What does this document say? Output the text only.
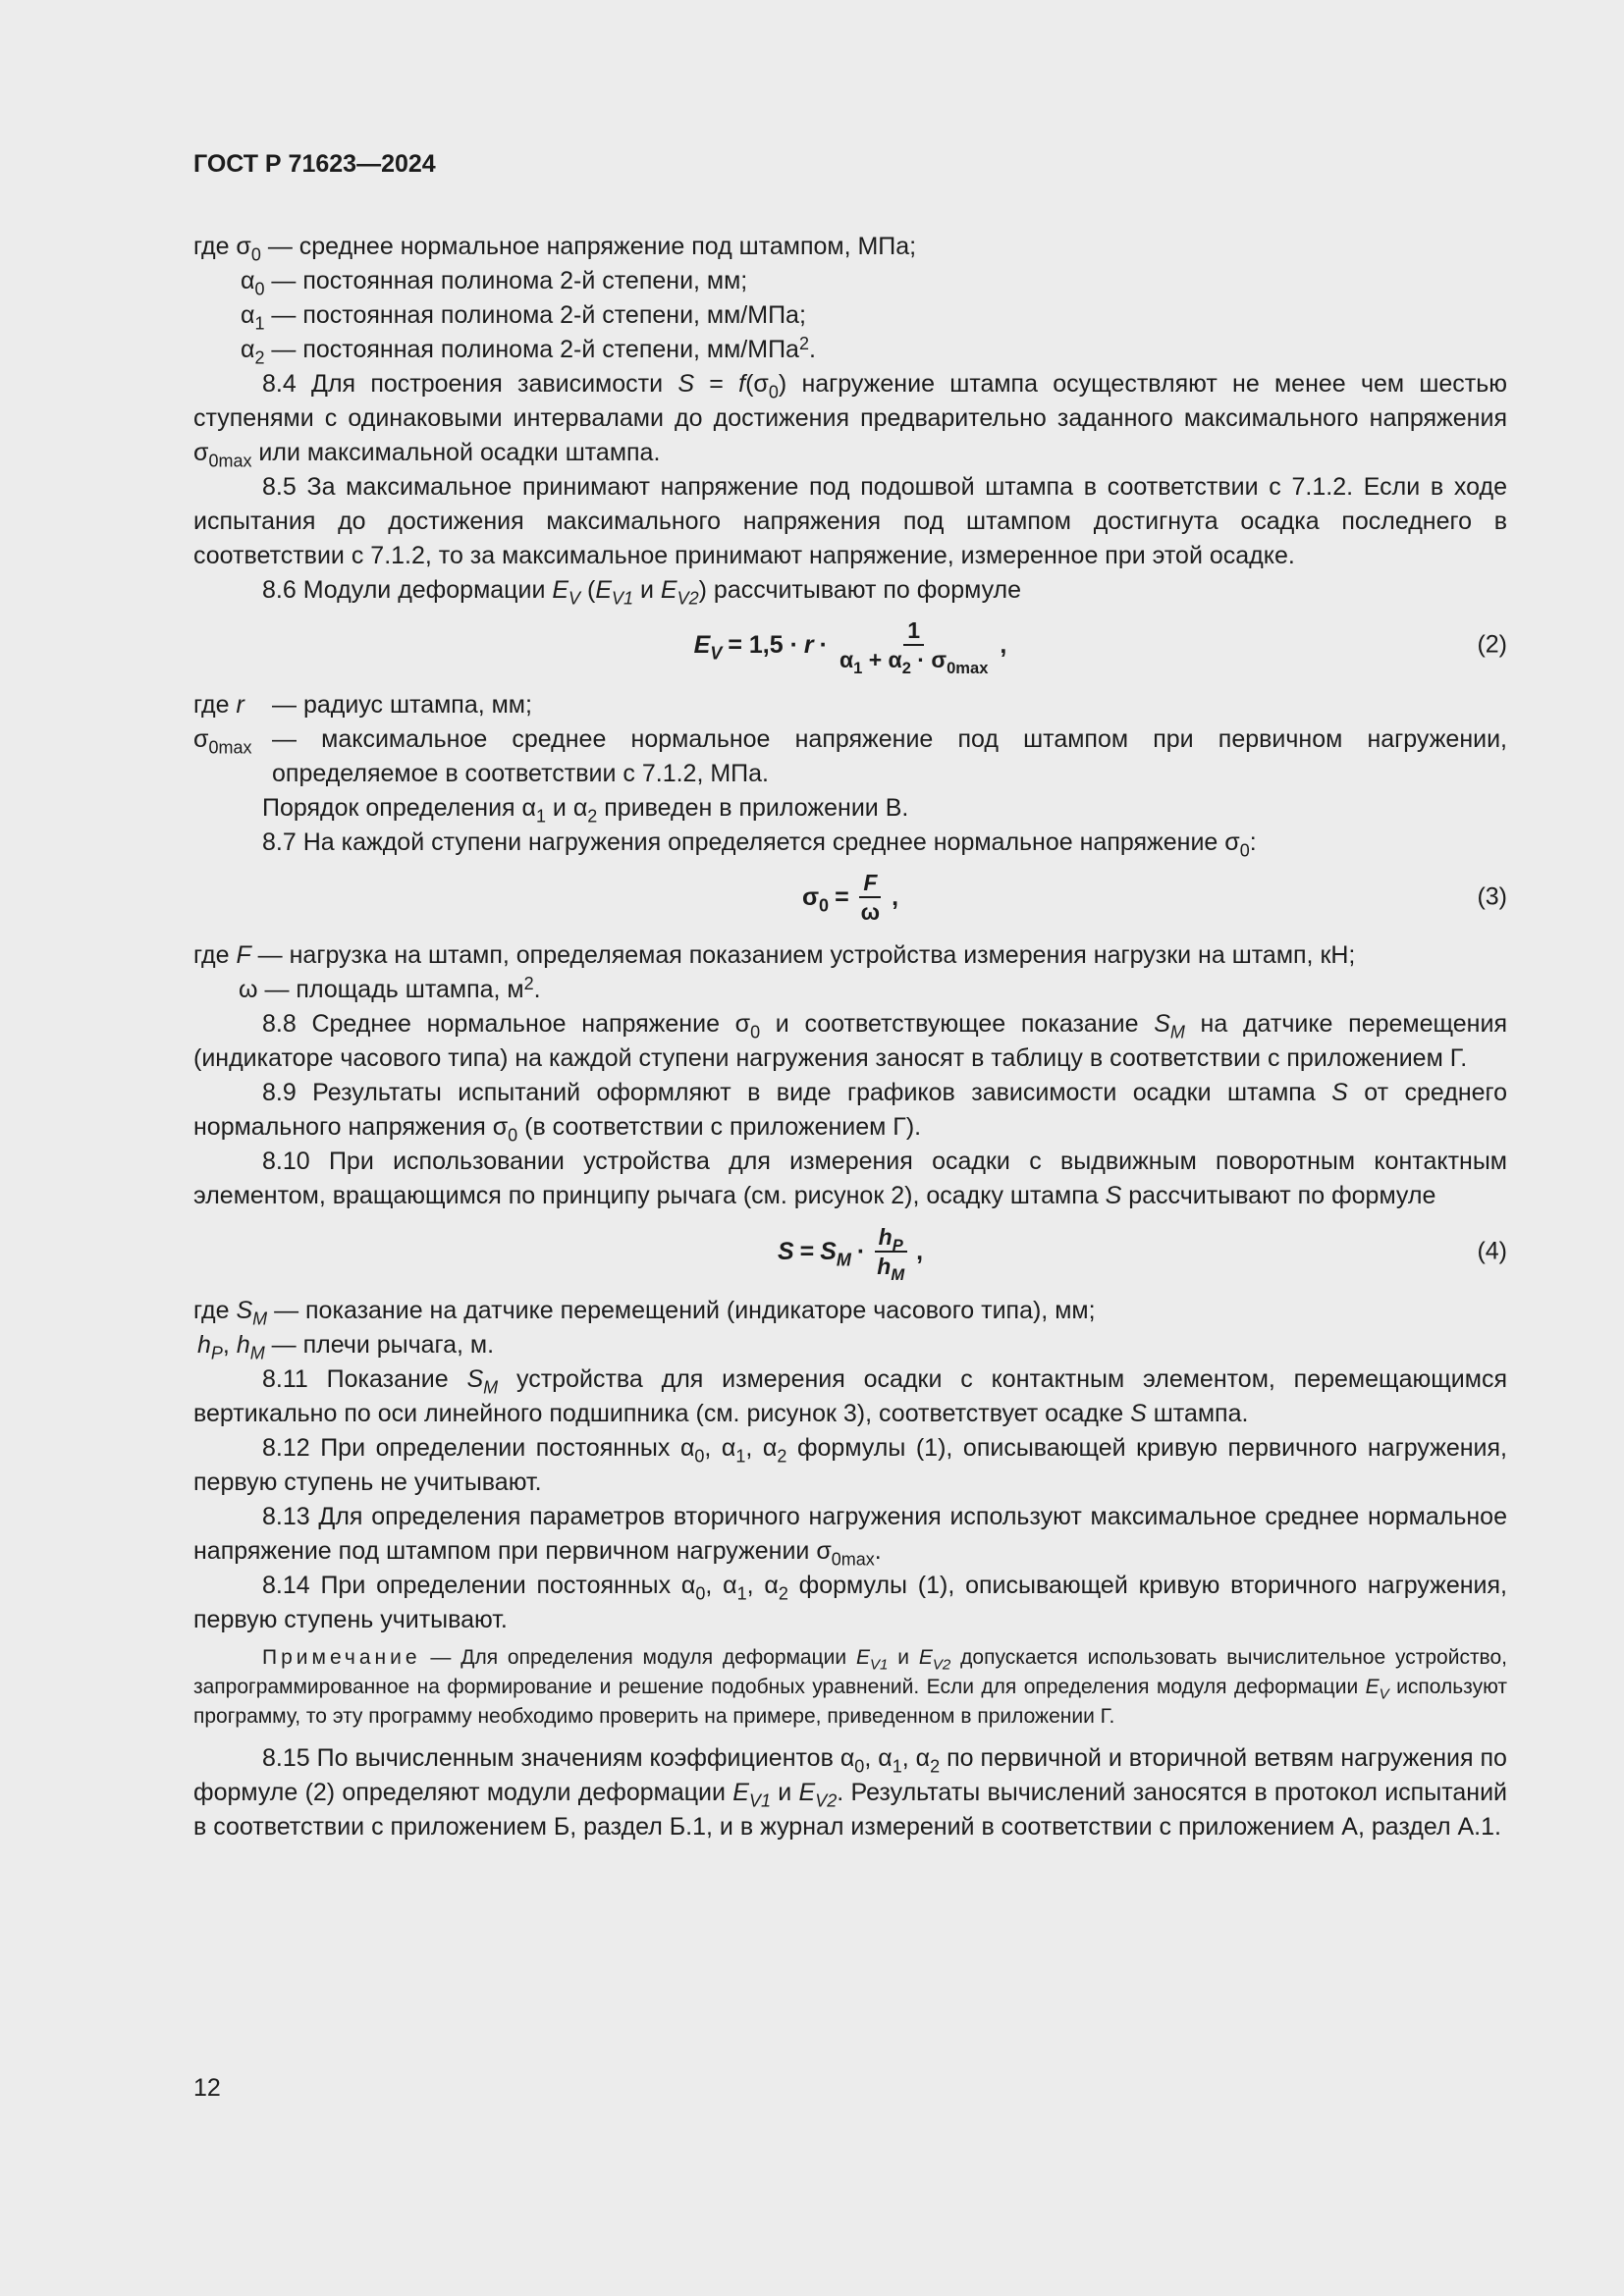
ГОСТ Р 71623—2024
где $\sigma_0$ — среднее нормальное напряжение под штампом, МПа;
$\alpha_0$ — постоянная полинома 2-й степени, мм;
$\alpha_1$ — постоянная полинома 2-й степени, мм/МПа;
$\alpha_2$ — постоянная полинома 2-й степени, мм/МПа$^2$.

8.4 Для построения зависимости $S = f(\sigma_0)$ нагружение штампа осуществляют не менее чем шестью ступенями с одинаковыми интервалами до достижения предварительно заданного максимального напряжения $\sigma_{0max}$ или максимальной осадки штампа.

8.5 За максимальное принимают напряжение под подошвой штампа в соответствии с 7.1.2. Если в ходе испытания до достижения максимального напряжения под штампом достигнута осадка последнего в соответствии с 7.1.2, то за максимальное принимают напряжение, измеренное при этой осадке.

8.6 Модули деформации $E_V$ ($E_{V1}$ и $E_{V2}$) рассчитывают по формуле

$E_V = 1,5 \cdot r \cdot \frac{1}{\alpha_1 + \alpha_2 \cdot \sigma_{0max}}$ ,	(2)
где r	— радиус штампа, мм;
$\sigma_{0max}$ — максимальное среднее нормальное напряжение под штампом при первичном нагружении, определяемое в соответствии с 7.1.2, МПа.

Порядок определения $\alpha_1$ и $\alpha_2$ приведен в приложении В.

8.7 На каждой ступени нагружения определяется среднее нормальное напряжение $\sigma_0$:

$\sigma_0 = \frac{F}{\omega}$ ,	(3)
где F — нагрузка на штамп, определяемая показанием устройства измерения нагрузки на штамп, кН;
ω — площадь штампа, $м^2$.

8.8 Среднее нормальное напряжение $\sigma_0$ и соответствующее показание $S_M$ на датчике перемещения (индикаторе часового типа) на каждой ступени нагружения заносят в таблицу в соответствии с приложением Г.

8.9 Результаты испытаний оформляют в виде графиков зависимости осадки штампа S от среднего нормального напряжения $\sigma_0$ (в соответствии с приложением Г).

8.10 При использовании устройства для измерения осадки с выдвижным поворотным контактным элементом, вращающимся по принципу рычага (см. рисунок 2), осадку штампа S рассчитывают по формуле

$S = S_M \cdot \frac{h_P}{h_M}$ ,	(4)
где $S_M$ — показание на датчике перемещений (индикаторе часового типа), мм;
$h_P$, $h_M$ — плечи рычага, м.

8.11 Показание $S_M$ устройства для измерения осадки с контактным элементом, перемещающимся вертикально по оси линейного подшипника (см. рисунок 3), соответствует осадке S штампа.

8.12 При определении постоянных $\alpha_0$, $\alpha_1$, $\alpha_2$ формулы (1), описывающей кривую первичного нагружения, первую ступень не учитывают.

8.13 Для определения параметров вторичного нагружения используют максимальное среднее нормальное напряжение под штампом при первичном нагружении $\sigma_{0max}$.

8.14 При определении постоянных $\alpha_0$, $\alpha_1$, $\alpha_2$ формулы (1), описывающей кривую вторичного нагружения, первую ступень учитывают.

Примечание — Для определения модуля деформации $E_{V1}$ и $E_{V2}$ допускается использовать вычислительное устройство, запрограммированное на формирование и решение подобных уравнений. Если для определения модуля деформации $E_V$ используют программу, то эту программу необходимо проверить на примере, приведенном в приложении Г.

8.15 По вычисленным значениям коэффициентов $\alpha_0$, $\alpha_1$, $\alpha_2$ по первичной и вторичной ветвям нагружения по формуле (2) определяют модули деформации $E_{V1}$ и $E_{V2}$. Результаты вычислений заносятся в протокол испытаний в соответствии с приложением Б, раздел Б.1, и в журнал измерений в соответствии с приложением А, раздел А.1.

12
